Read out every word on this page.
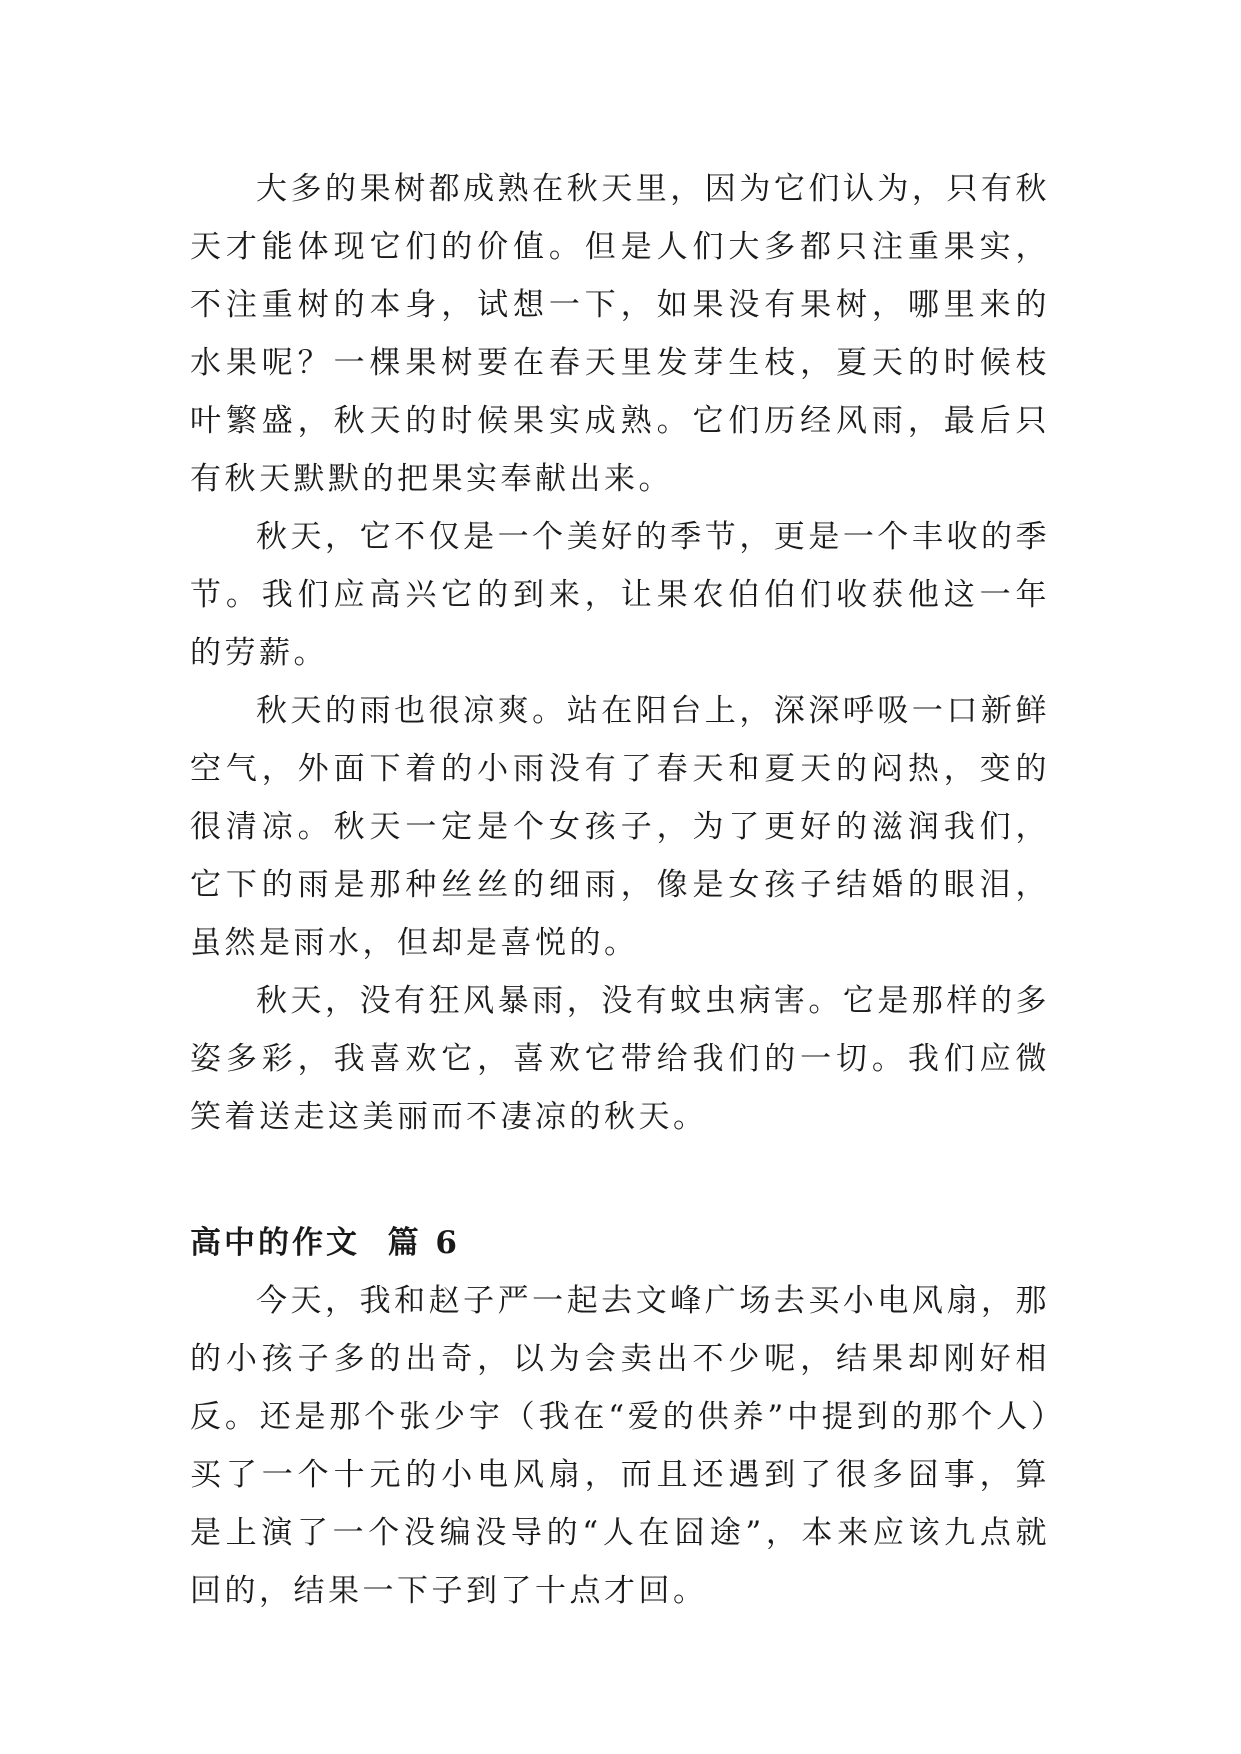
大多的果树都成熟在秋天里，因为它们认为，只有秋天才能体现它们的价值。但是人们大多都只注重果实，不注重树的本身，试想一下，如果没有果树，哪里来的水果呢？一棵果树要在春天里发芽生枝，夏天的时候枝叶繁盛，秋天的时候果实成熟。它们历经风雨，最后只有秋天默默的把果实奉献出来。

秋天，它不仅是一个美好的季节，更是一个丰收的季节。我们应高兴它的到来，让果农伯伯们收获他这一年的劳薪。

秋天的雨也很凉爽。站在阳台上，深深呼吸一口新鲜空气，外面下着的小雨没有了春天和夏天的闷热，变的很清凉。秋天一定是个女孩子，为了更好的滋润我们，它下的雨是那种丝丝的细雨，像是女孩子结婚的眼泪，虽然是雨水，但却是喜悦的。

秋天，没有狂风暴雨，没有蚊虫病害。它是那样的多姿多彩，我喜欢它，喜欢它带给我们的一切。我们应微笑着送走这美丽而不凄凉的秋天。

高中的作文  篇 6

今天，我和赵子严一起去文峰广场去买小电风扇，那的小孩子多的出奇，以为会卖出不少呢，结果却刚好相反。还是那个张少宇（我在“爱的供养”中提到的那个人）买了一个十元的小电风扇，而且还遇到了很多囧事，算是上演了一个没编没导的“人在囧途”，本来应该九点就回的，结果一下子到了十点才回。
